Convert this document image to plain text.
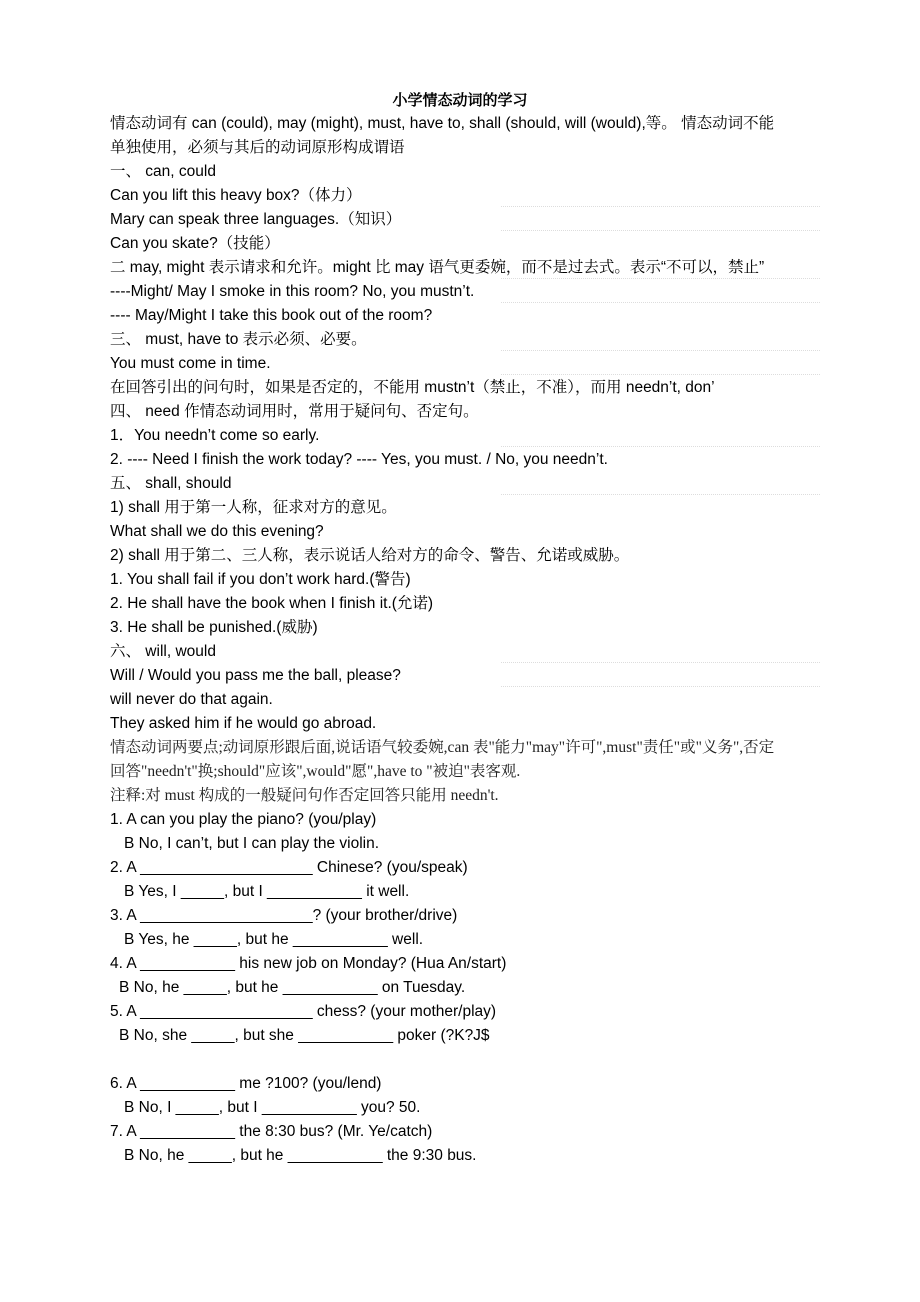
小学情态动词的学习
情态动词有 can (could), may (might), must, have to, shall (should, will (would),等。 情态动词不能
单独使用，必须与其后的动词原形构成谓语
一、 can, could
Can you lift this heavy box?（体力）
Mary can speak three languages.（知识）
Can you skate?（技能）
二 may, might 表示请求和允许。might 比 may 语气更委婉，而不是过去式。表示“不可以，禁止”
----Might/ May I smoke in this room? No, you mustn’t.
---- May/Might I take this book out of the room?
三、 must, have to 表示必须、必要。
You must come in time.
在回答引出的问句时，如果是否定的，不能用 mustn’t（禁止，不准），而用 needn’t, don’
四、 need 作情态动词用时，常用于疑问句、否定句。
1．You needn’t come so early.
2. ---- Need I finish the work today? ---- Yes, you must. / No, you needn’t.
五、 shall, should
1) shall 用于第一人称，征求对方的意见。
What shall we do this evening?
2) shall 用于第二、三人称，表示说话人给对方的命令、警告、允诺或威胁。
1. You shall fail if you don’t work hard.(警告)
2. He shall have the book when I finish it.(允诺)
3. He shall be punished.(威胁)
六、 will, would
Will / Would you pass me the ball, please?
will never do that again.
They asked him if he would go abroad.
情态动词两要点;动词原形跟后面,说话语气较委婉,can 表"能力"may"许可",must"责任"或"义务",否定
回答"needn't"换;should"应该",would"愿",have to "被迫"表客观.
注释:对 must 构成的一般疑问句作否定回答只能用 needn't.
1. A can you play the piano? (you/play)
B No, I can’t, but I can play the violin.
2. A ____________________ Chinese? (you/speak)
B Yes, I _____, but I ___________ it well.
3. A ____________________? (your brother/drive)
B Yes, he _____, but he ___________ well.
4. A ___________ his new job on Monday? (Hua An/start)
B No, he _____, but he ___________ on Tuesday.
5. A ____________________ chess? (your mother/play)
B No, she _____, but she ___________ poker (?K?J$
6. A ___________ me ?100? (you/lend)
B No, I _____, but I ___________ you? 50.
7. A ___________ the 8:30 bus? (Mr. Ye/catch)
B No, he _____, but he ___________ the 9:30 bus.
